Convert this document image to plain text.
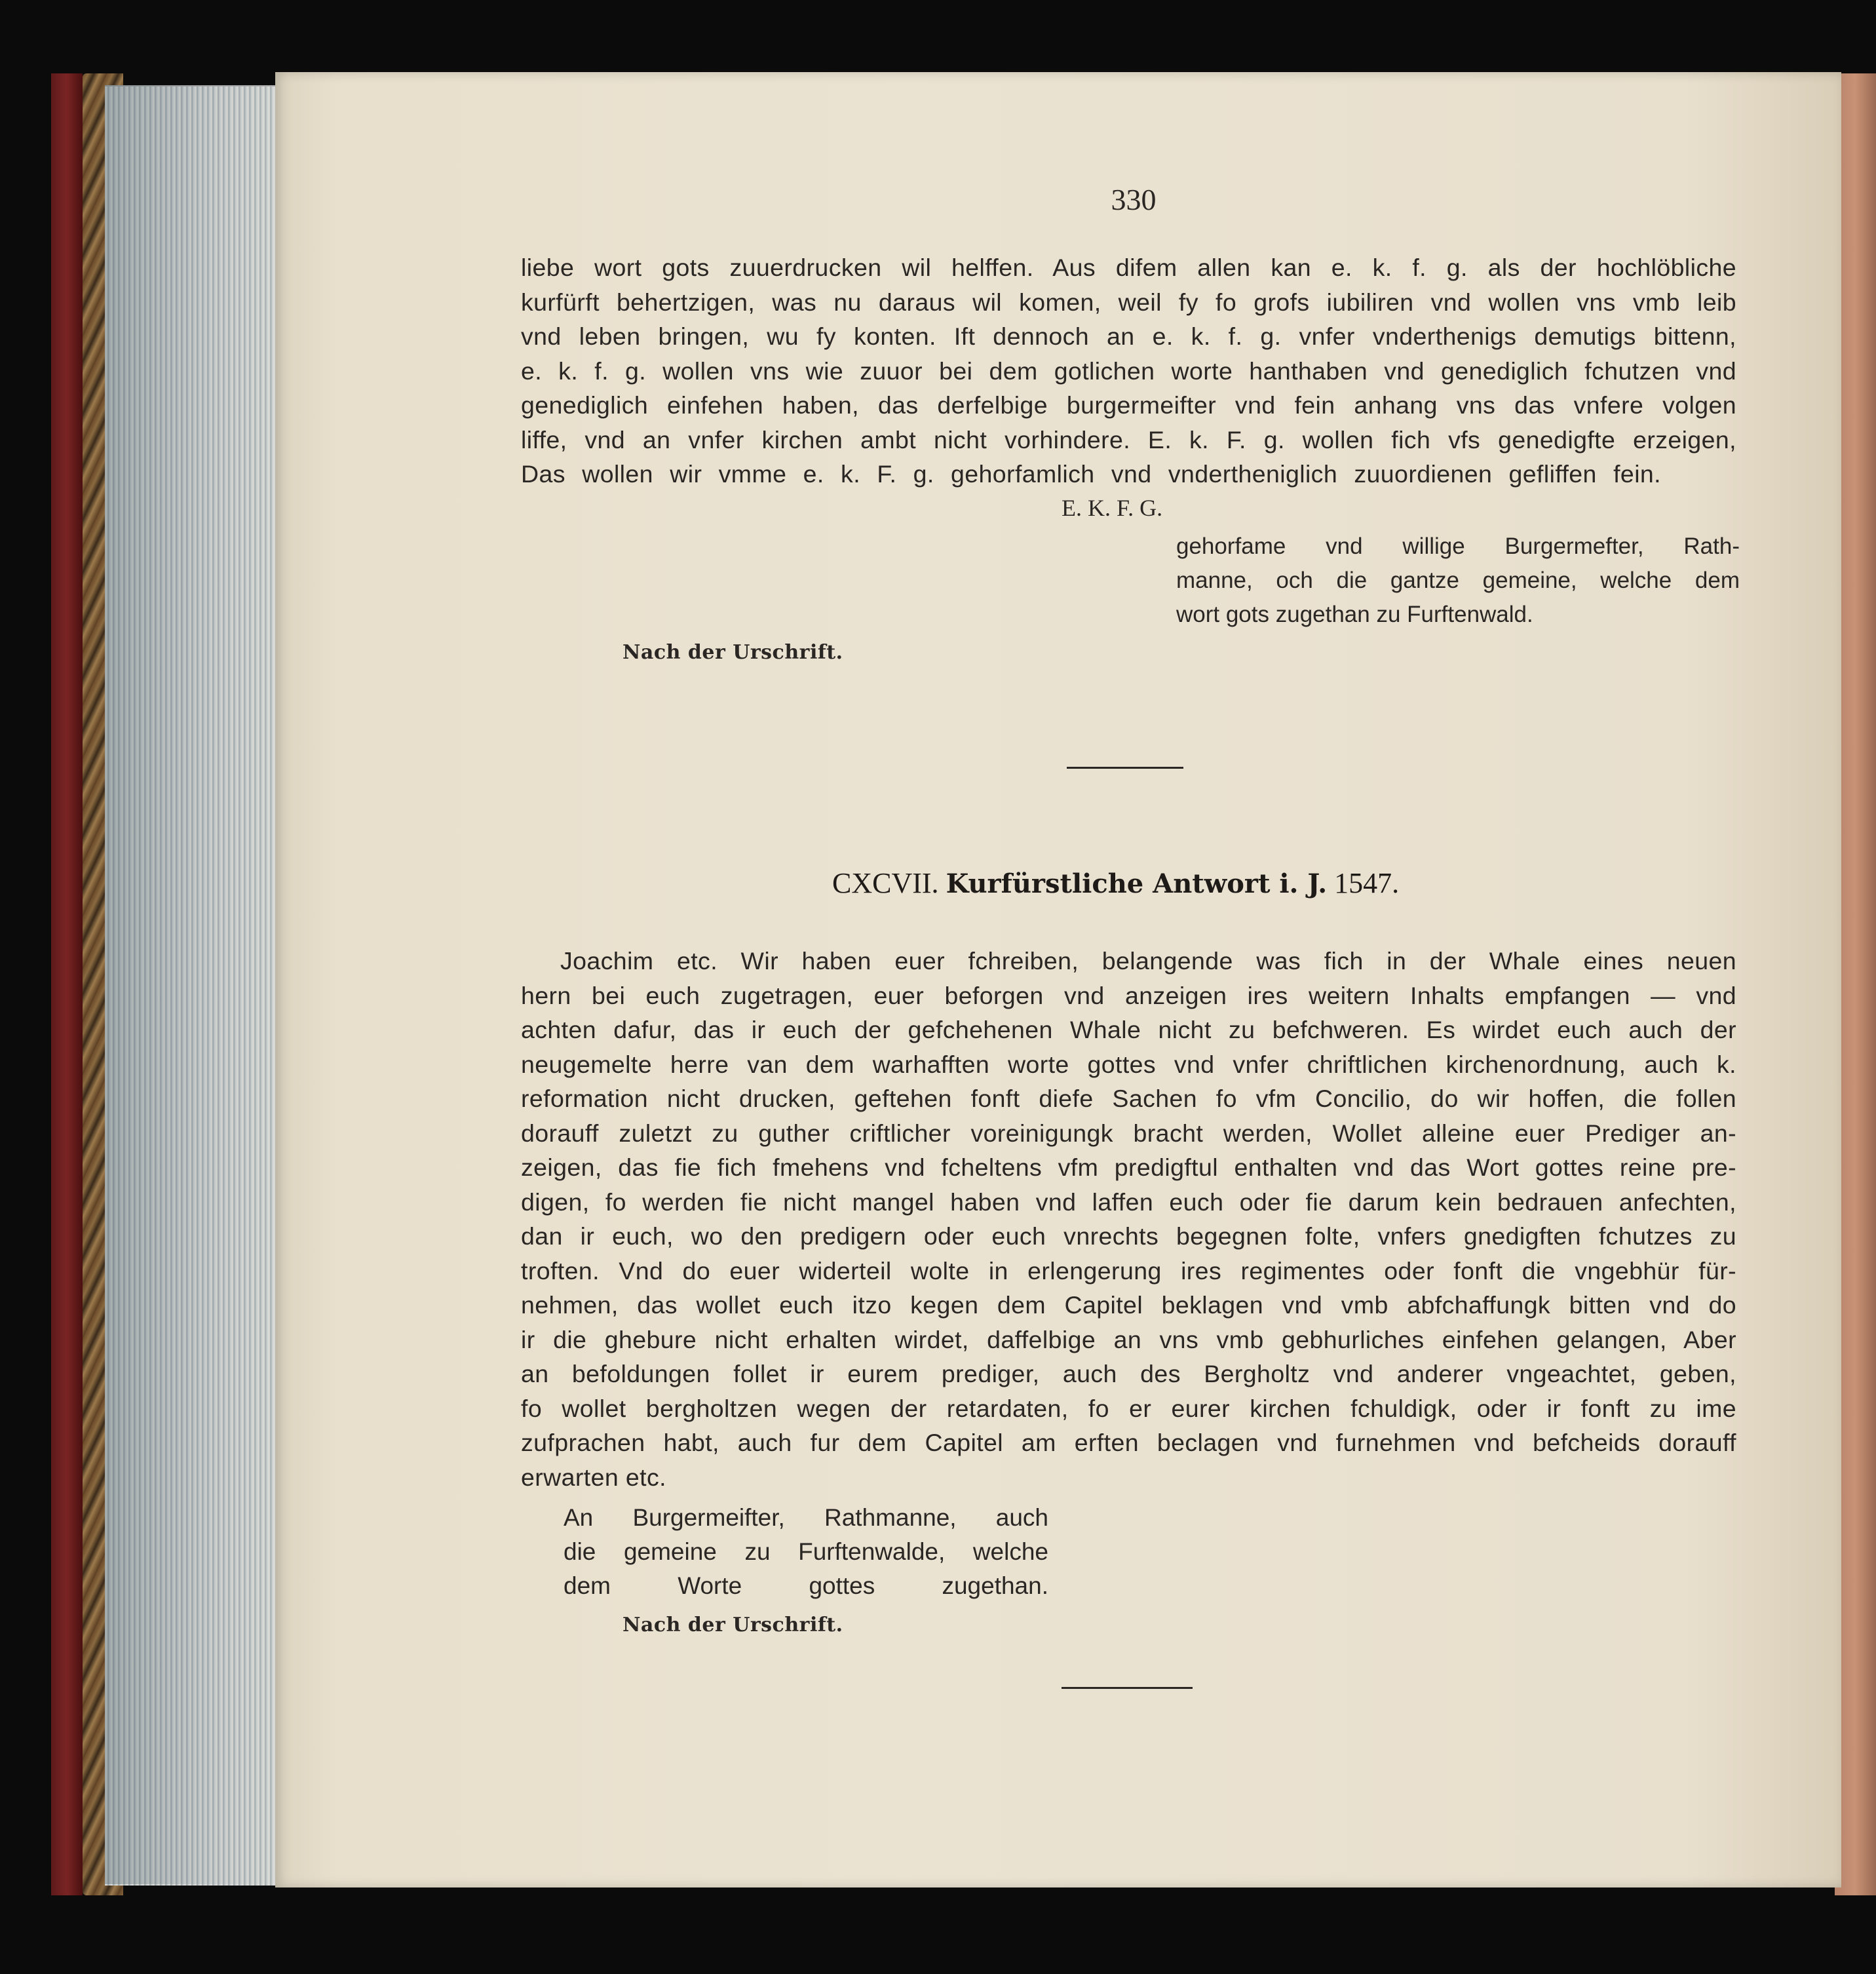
330
liebe wort gots zuuerdrucken wil helffen. Aus difem allen kan e. k. f. g. als der hochlöbliche
kurfürft behertzigen, was nu daraus wil komen, weil fy fo grofs iubiliren vnd wollen vns vmb leib
vnd leben bringen, wu fy konten. Ift dennoch an e. k. f. g. vnfer vnderthenigs demutigs bittenn,
e. k. f. g. wollen vns wie zuuor bei dem gotlichen worte hanthaben vnd genediglich fchutzen vnd
genediglich einfehen haben, das derfelbige burgermeifter vnd fein anhang vns das vnfere volgen
liffe, vnd an vnfer kirchen ambt nicht vorhindere. E. k. F. g. wollen fich vfs genedigfte erzeigen,
Das wollen wir vmme e. k. F. g. gehorfamlich vnd vndertheniglich zuuordienen gefliffen fein.
E. K. F. G.
gehorfame vnd willige Burgermefter, Rath-
manne, och die gantze gemeine, welche dem
wort gots zugethan zu Furftenwald.
Nach der Urschrift.
CXCVII. Kurfürstliche Antwort i. J. 1547.
Joachim etc. Wir haben euer fchreiben, belangende was fich in der Whale eines neuen
hern bei euch zugetragen, euer beforgen vnd anzeigen ires weitern Inhalts empfangen — vnd
achten dafur, das ir euch der gefchehenen Whale nicht zu befchweren. Es wirdet euch auch der
neugemelte herre van dem warhafften worte gottes vnd vnfer chriftlichen kirchenordnung, auch k.
reformation nicht drucken, geftehen fonft diefe Sachen fo vfm Concilio, do wir hoffen, die follen
dorauff zuletzt zu guther criftlicher voreinigungk bracht werden, Wollet alleine euer Prediger an-
zeigen, das fie fich fmehens vnd fcheltens vfm predigftul enthalten vnd das Wort gottes reine pre-
digen, fo werden fie nicht mangel haben vnd laffen euch oder fie darum kein bedrauen anfechten,
dan ir euch, wo den predigern oder euch vnrechts begegnen folte, vnfers gnedigften fchutzes zu
troften. Vnd do euer widerteil wolte in erlengerung ires regimentes oder fonft die vngebhür für-
nehmen, das wollet euch itzo kegen dem Capitel beklagen vnd vmb abfchaffungk bitten vnd do
ir die ghebure nicht erhalten wirdet, daffelbige an vns vmb gebhurliches einfehen gelangen, Aber
an befoldungen follet ir eurem prediger, auch des Bergholtz vnd anderer vngeachtet, geben,
fo wollet bergholtzen wegen der retardaten, fo er eurer kirchen fchuldigk, oder ir fonft zu ime
zufprachen habt, auch fur dem Capitel am erften beclagen vnd furnehmen vnd befcheids dorauff
erwarten etc.
An Burgermeifter, Rathmanne, auch
die gemeine zu Furftenwalde, welche
dem Worte gottes zugethan.
Nach der Urschrift.
